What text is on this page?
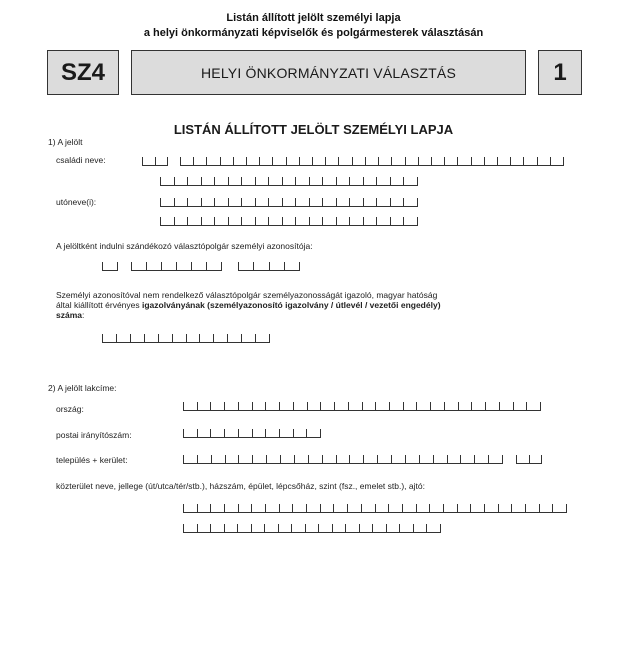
Listán állított jelölt személyi lapja
a helyi önkormányzati képviselők és polgármesterek választásán
SZ4	HELYI ÖNKORMÁNYZATI VÁLASZTÁS	1
LISTÁN ÁLLÍTOTT JELÖLT SZEMÉLYI LAPJA
1) A jelölt
családi neve:
utóneve(i):
A jelöltként indulni szándékozó választópolgár személyi azonosítója:
Személyi azonosítóval nem rendelkező választópolgár személyazonosságát igazoló, magyar hatóság
által kiállított érvényes igazolványának (személyazonosító igazolvány / útlevél / vezetői engedély)
száma:
2) A jelölt lakcíme:
ország:
postai irányítószám:
település + kerület:
közterület neve, jellege (út/utca/tér/stb.), házszám, épület, lépcsőház, szint (fsz., emelet stb.), ajtó:
